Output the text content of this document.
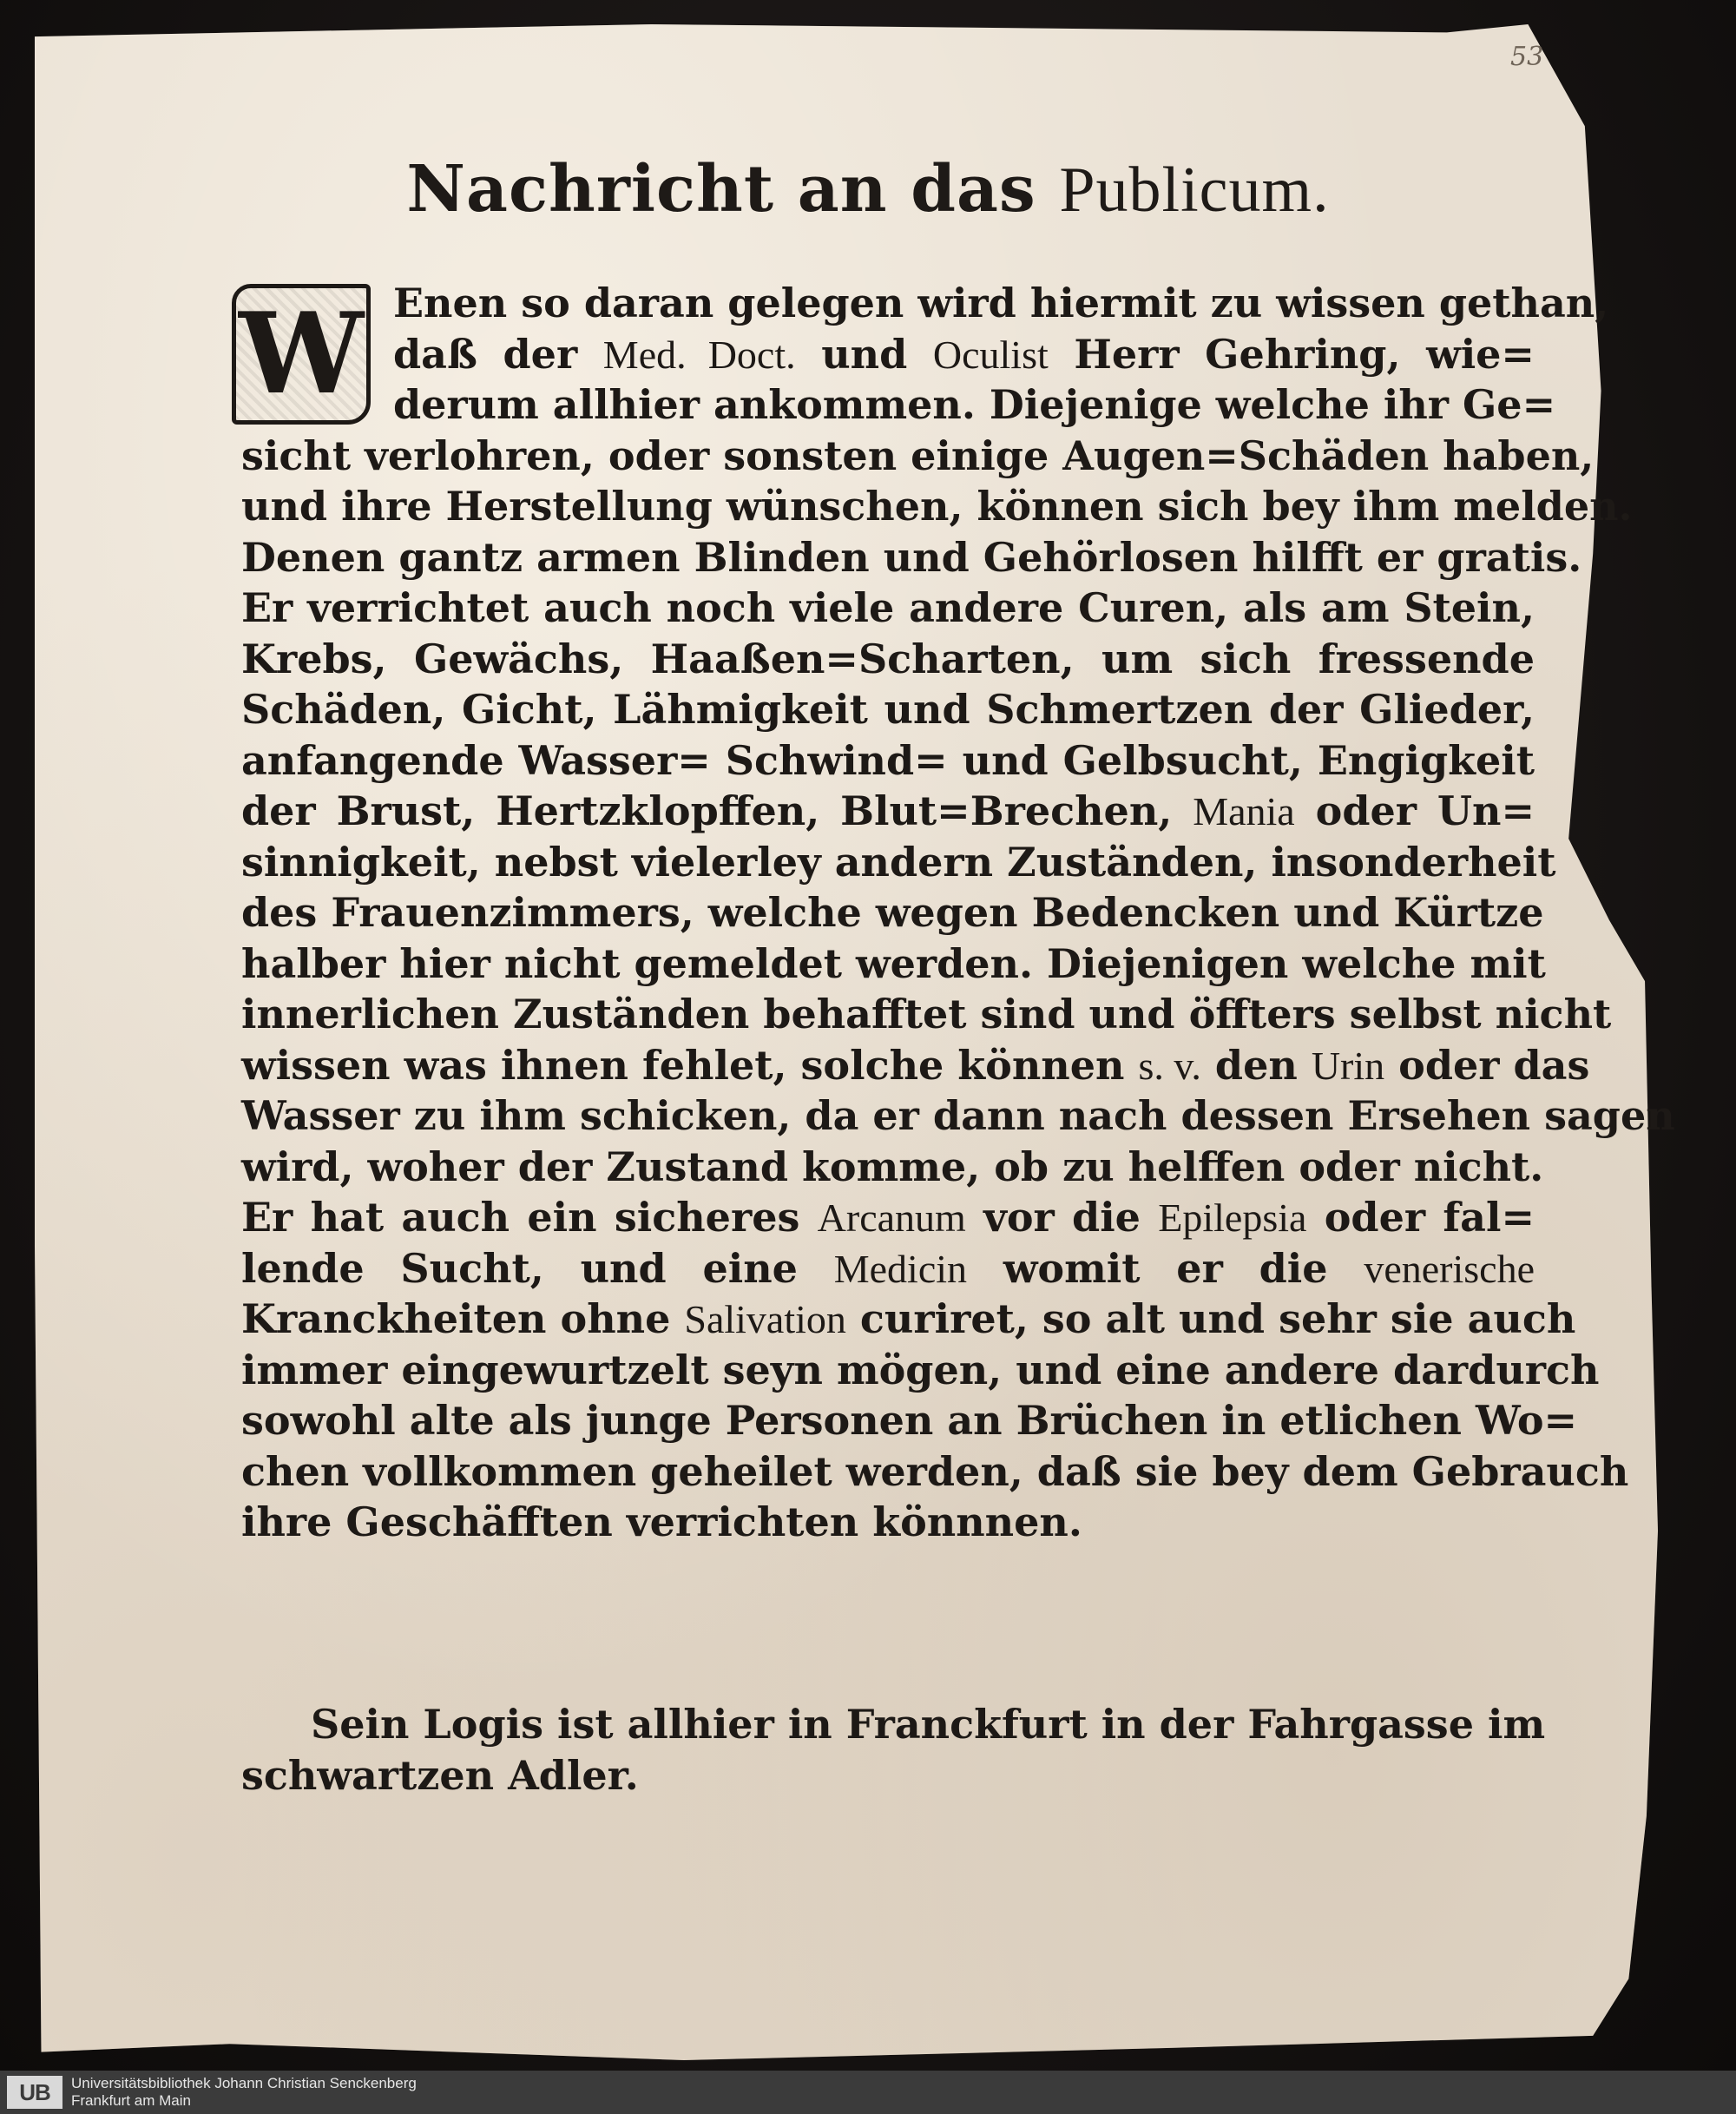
53
Nachricht an das Publicum.
W Enen so daran gelegen wird hiermit zu wissen gethan,
daß der Med. Doct. und Oculist Herr Gehring, wie=
derum allhier ankommen. Diejenige welche ihr Ge=
sicht verlohren, oder sonsten einige Augen=Schäden haben,
und ihre Herstellung wünschen, können sich bey ihm melden.
Denen gantz armen Blinden und Gehörlosen hilfft er gratis.
Er verrichtet auch noch viele andere Curen, als am Stein,
Krebs, Gewächs, Haaßen=Scharten, um sich fressende
Schäden, Gicht, Lähmigkeit und Schmertzen der Glieder,
anfangende Wasser= Schwind= und Gelbsucht, Engigkeit
der Brust, Hertzklopffen, Blut=Brechen, Mania oder Un=
sinnigkeit, nebst vielerley andern Zuständen, insonderheit
des Frauenzimmers, welche wegen Bedencken und Kürtze
halber hier nicht gemeldet werden. Diejenigen welche mit
innerlichen Zuständen behafftet sind und öffters selbst nicht
wissen was ihnen fehlet, solche können s. v. den Urin oder das
Wasser zu ihm schicken, da er dann nach dessen Ersehen sagen
wird, woher der Zustand komme, ob zu helffen oder nicht.
Er hat auch ein sicheres Arcanum vor die Epilepsia oder fal=
lende Sucht, und eine Medicin womit er die venerische
Kranckheiten ohne Salivation curiret, so alt und sehr sie auch
immer eingewurtzelt seyn mögen, und eine andere dardurch
sowohl alte als junge Personen an Brüchen in etlichen Wo=
chen vollkommen geheilet werden, daß sie bey dem Gebrauch
ihre Geschäfften verrichten könnnen.
Sein Logis ist allhier in Franckfurt in der Fahrgasse im
schwartzen Adler.
UB	Universitätsbibliothek Johann Christian Senckenberg
Frankfurt am Main
